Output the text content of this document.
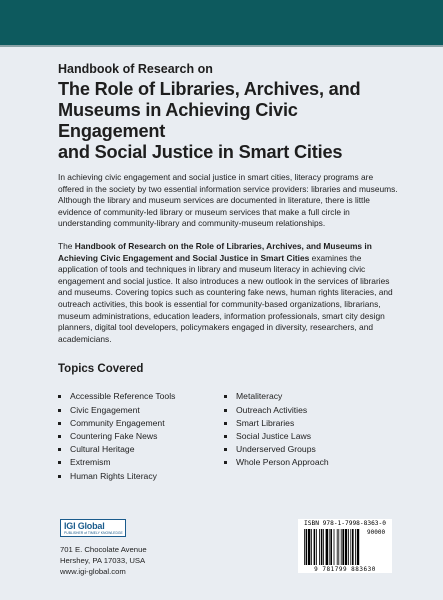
Handbook of Research on
The Role of Libraries, Archives, and
Museums in Achieving Civic Engagement
and Social Justice in Smart Cities

In achieving civic engagement and social justice in smart cities, literacy programs are offered in the society by two essential information service providers: libraries and museums. Although the library and museum services are documented in literature, there is little evidence of community-led library or museum services that make a full circle in understanding community-library and community-museum relationships.

The Handbook of Research on the Role of Libraries, Archives, and Museums in Achieving Civic Engagement and Social Justice in Smart Cities examines the application of tools and techniques in library and museum literacy in achieving civic engagement and social justice. It also introduces a new outlook in the services of libraries and museums. Covering topics such as countering fake news, human rights literacies, and outreach activities, this book is essential for community-based organizations, librarians, museum administrations, education leaders, information professionals, smart city design planners, digital tool developers, policymakers engaged in diversity, researchers, and academicians.

Topics Covered
Accessible Reference Tools
Civic Engagement
Community Engagement
Countering Fake News
Cultural Heritage
Extremism
Human Rights Literacy
Metaliteracy
Outreach Activities
Smart Libraries
Social Justice Laws
Underserved Groups
Whole Person Approach
IGI Global
PUBLISHER of TIMELY KNOWLEDGE
701 E. Chocolate Avenue
Hershey, PA 17033, USA
www.igi-global.com
ISBN 978-1-7998-8363-0
90000
9 781799 883630
